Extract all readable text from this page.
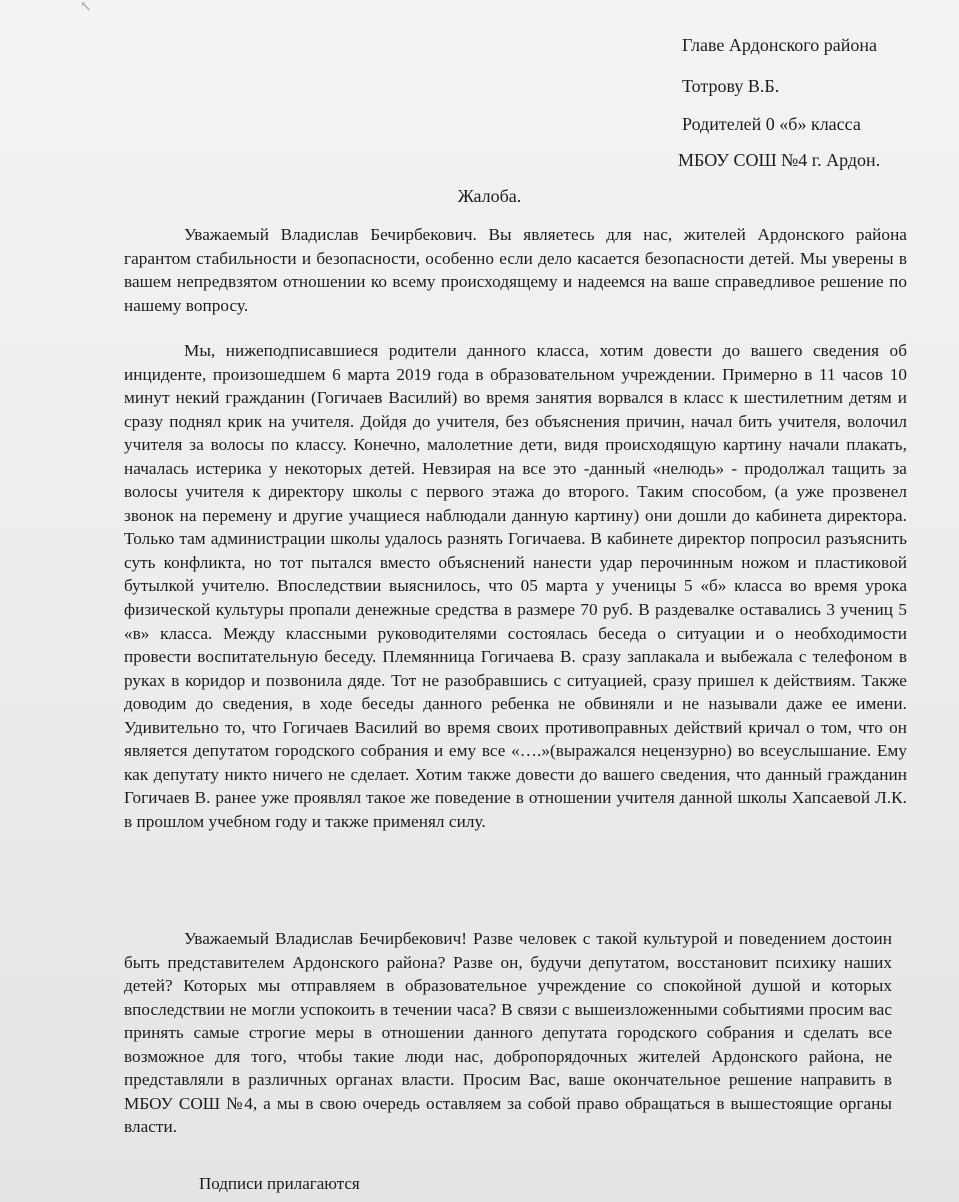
↖
Главе Ардонского района
Тотрову В.Б.
Родителей 0 «б» класса
МБОУ СОШ №4 г. Ардон.
Жалоба.
Уважаемый Владислав Бечирбекович. Вы являетесь для нас, жителей Ардонского района гарантом стабильности и безопасности, особенно если дело касается безопасности детей. Мы уверены в вашем непредвзятом отношении ко всему происходящему и надеемся на ваше справедливое решение по нашему вопросу.
Мы, нижеподписавшиеся родители данного класса, хотим довести до вашего сведения об инциденте, произошедшем 6 марта 2019 года в образовательном учреждении. Примерно в 11 часов 10 минут некий гражданин (Гогичаев Василий) во время занятия ворвался в класс к шестилетним детям и сразу поднял крик на учителя. Дойдя до учителя, без объяснения причин, начал бить учителя, волочил учителя за волосы по классу. Конечно, малолетние дети, видя происходящую картину начали плакать, началась истерика у некоторых детей. Невзирая на все это -данный «нелюдь» - продолжал тащить за волосы учителя к директору школы с первого этажа до второго. Таким способом, (а уже прозвенел звонок на перемену и другие учащиеся наблюдали данную картину) они дошли до кабинета директора. Только там администрации школы удалось разнять Гогичаева. В кабинете директор попросил разъяснить суть конфликта, но тот пытался вместо объяснений нанести удар перочинным ножом и пластиковой бутылкой учителю. Впоследствии выяснилось, что 05 марта у ученицы 5 «б» класса во время урока физической культуры пропали денежные средства в размере 70 руб. В раздевалке оставались 3 учениц 5 «в» класса. Между классными руководителями состоялась беседа о ситуации и о необходимости провести воспитательную беседу. Племянница Гогичаева В. сразу заплакала и выбежала с телефоном в руках в коридор и позвонила дяде. Тот не разобравшись с ситуацией, сразу пришел к действиям. Также доводим до сведения, в ходе беседы данного ребенка не обвиняли и не называли даже ее имени. Удивительно то, что Гогичаев Василий во время своих противоправных действий кричал о том, что он является депутатом городского собрания и ему все «….»(выражался нецензурно) во всеуслышание. Ему как депутату никто ничего не сделает. Хотим также довести до вашего сведения, что данный гражданин Гогичаев В. ранее уже проявлял такое же поведение в отношении учителя данной школы Хапсаевой Л.К. в прошлом учебном году и также применял силу.
Уважаемый Владислав Бечирбекович! Разве человек с такой культурой и поведением достоин быть представителем Ардонского района? Разве он, будучи депутатом, восстановит психику наших детей? Которых мы отправляем в образовательное учреждение со спокойной душой и которых впоследствии не могли успокоить в течении часа? В связи с вышеизложенными событиями просим вас принять самые строгие меры в отношении данного депутата городского собрания и сделать все возможное для того, чтобы такие люди нас, добропорядочных жителей Ардонского района, не представляли в различных органах власти. Просим Вас, ваше окончательное решение направить в МБОУ СОШ №4, а мы в свою очередь оставляем за собой право обращаться в вышестоящие органы власти.
Подписи прилагаются
